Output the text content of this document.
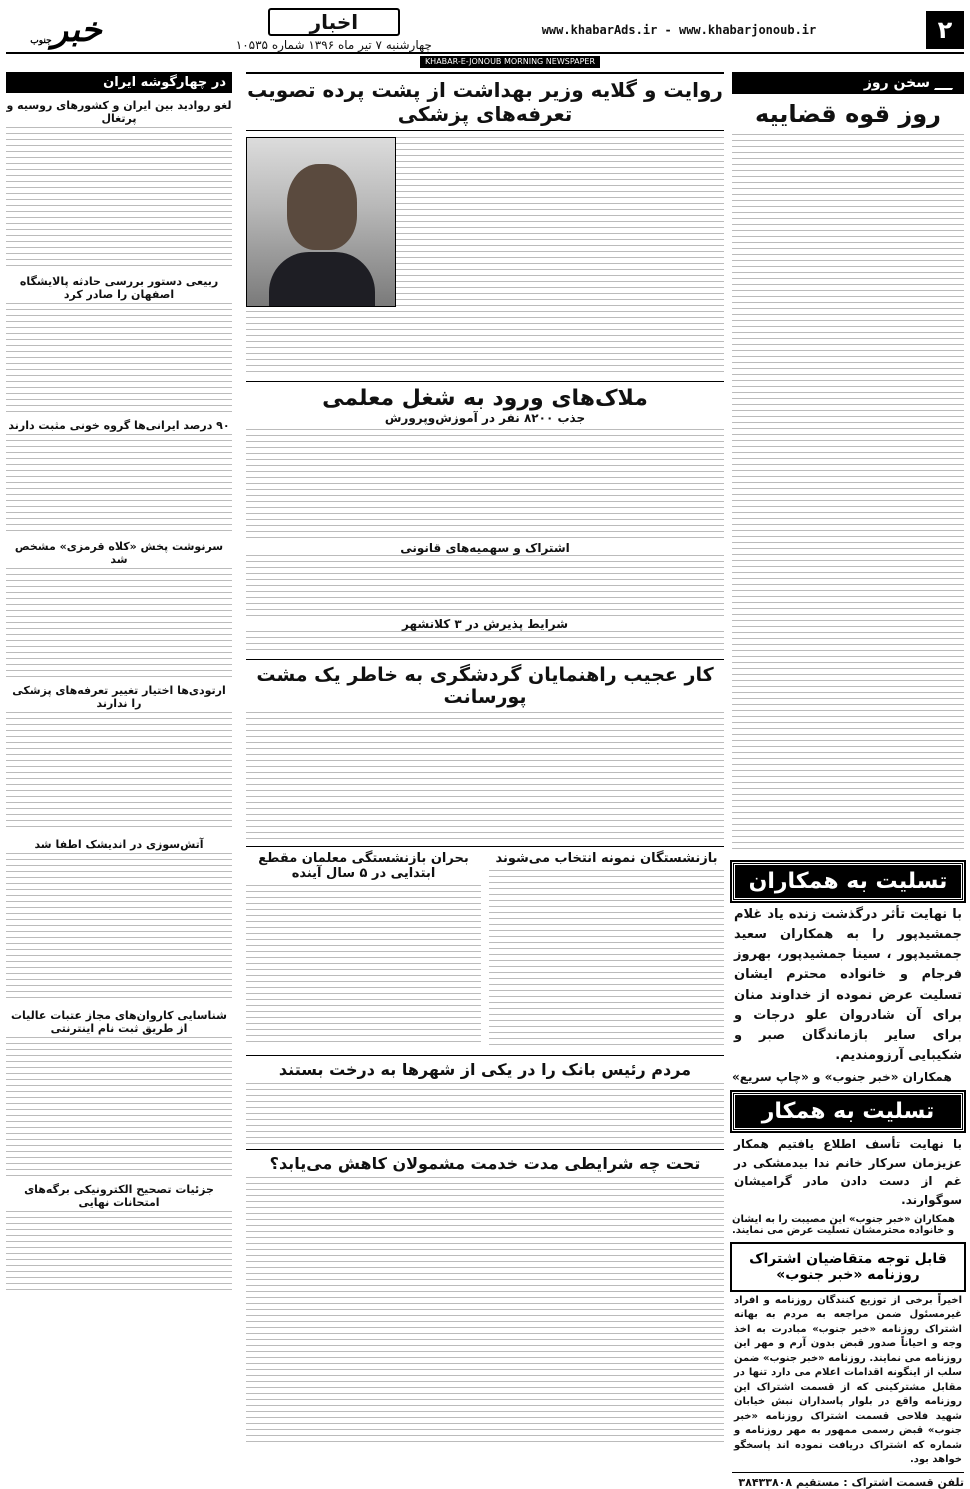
۲
www.khabarAds.ir - www.khabarjonoub.ir
اخبار
چهارشنبه ۷ تیر ماه ۱۳۹۶ شماره ۱۰۵۳۵
خبر
جنوب
KHABAR-E-JONOUB MORNING NEWSPAPER
سخن روز
روز قوه قضاییه
تسلیت به همکاران
با نهایت تأثر درگذشت زنده یاد غلام جمشیدپور را به همکاران سعید جمشیدپور ، سینا جمشیدپور، بهروز فرجام و خانواده محترم ایشان تسلیت عرض نموده از خداوند منان برای آن شادروان علو درجات و برای سایر بازماندگان صبر و شکیبایی آرزومندیم.
همکاران «خبر جنوب» و «چاپ سریع»
تسلیت به همکار
با نهایت تأسف اطلاع یافتیم همکار عزیزمان سرکار خانم ندا بیدمشکی در غم از دست دادن مادر گرامیشان سوگوارند.
همکاران «خبر جنوب» این مصیبت را به ایشان و خانواده محترمشان تسلیت عرض می نمایند.
قابل توجه متقاضیان اشتراک روزنامه «خبر جنوب»
اخیراً برخی از توزیع کنندگان روزنامه و افراد غیرمسئول ضمن مراجعه به مردم به بهانه اشتراک روزنامه «خبر جنوب» مبادرت به اخذ وجه و احیاناً صدور قبض بدون آرم و مهر این روزنامه می نمایند. روزنامه «خبر جنوب» ضمن سلب از اینگونه اقدامات اعلام می دارد تنها در مقابل مشترکینی که از قسمت اشتراک این روزنامه واقع در بلوار پاسداران نبش خیابان شهید فلاحی قسمت اشتراک روزنامه «خبر جنوب» قبض رسمی ممهور به مهر روزنامه و شماره که اشتراک دریافت نموده اند پاسخگو خواهد بود.
تلفن قسمت اشتراک : مستقیم ۳۸۴۳۳۸۰۸
روایت و گلایه وزیر بهداشت از پشت پرده تصویب تعرفه‌های پزشکی
ملاک‌های ورود به شغل معلمی
جذب ۸۲۰۰ نفر در آموزش‌وپرورش
اشتراک و سهمیه‌های قانونی
شرایط پذیرش در ۳ کلانشهر
کار عجیب راهنمایان گردشگری به خاطر یک مشت پورسانت
بازنشستگان نمونه انتخاب می‌شوند
بحران بازنشستگی معلمان مقطع ابتدایی در ۵ سال آینده
مردم رئیس بانک را در یکی از شهرها به درخت بستند
تحت چه شرایطی مدت خدمت مشمولان کاهش می‌یابد؟
در چهارگوشه ایران
لغو روادید بین ایران و کشورهای روسیه و پرتغال
ربیعی دستور بررسی حادثه پالایشگاه اصفهان را صادر کرد
۹۰ درصد ایرانی‌ها گروه خونی مثبت دارند
سرنوشت پخش «کلاه قرمزی» مشخص شد
ارتودی‌ها اختیار تغییر تعرفه‌های پزشکی را ندارند
آتش‌سوزی در اندیشک اطفا شد
شناسایی کاروان‌های مجاز عتبات عالیات از طریق ثبت نام اینترنتی
جزئیات تصحیح الکترونیکی برگه‌های امتحانات نهایی
